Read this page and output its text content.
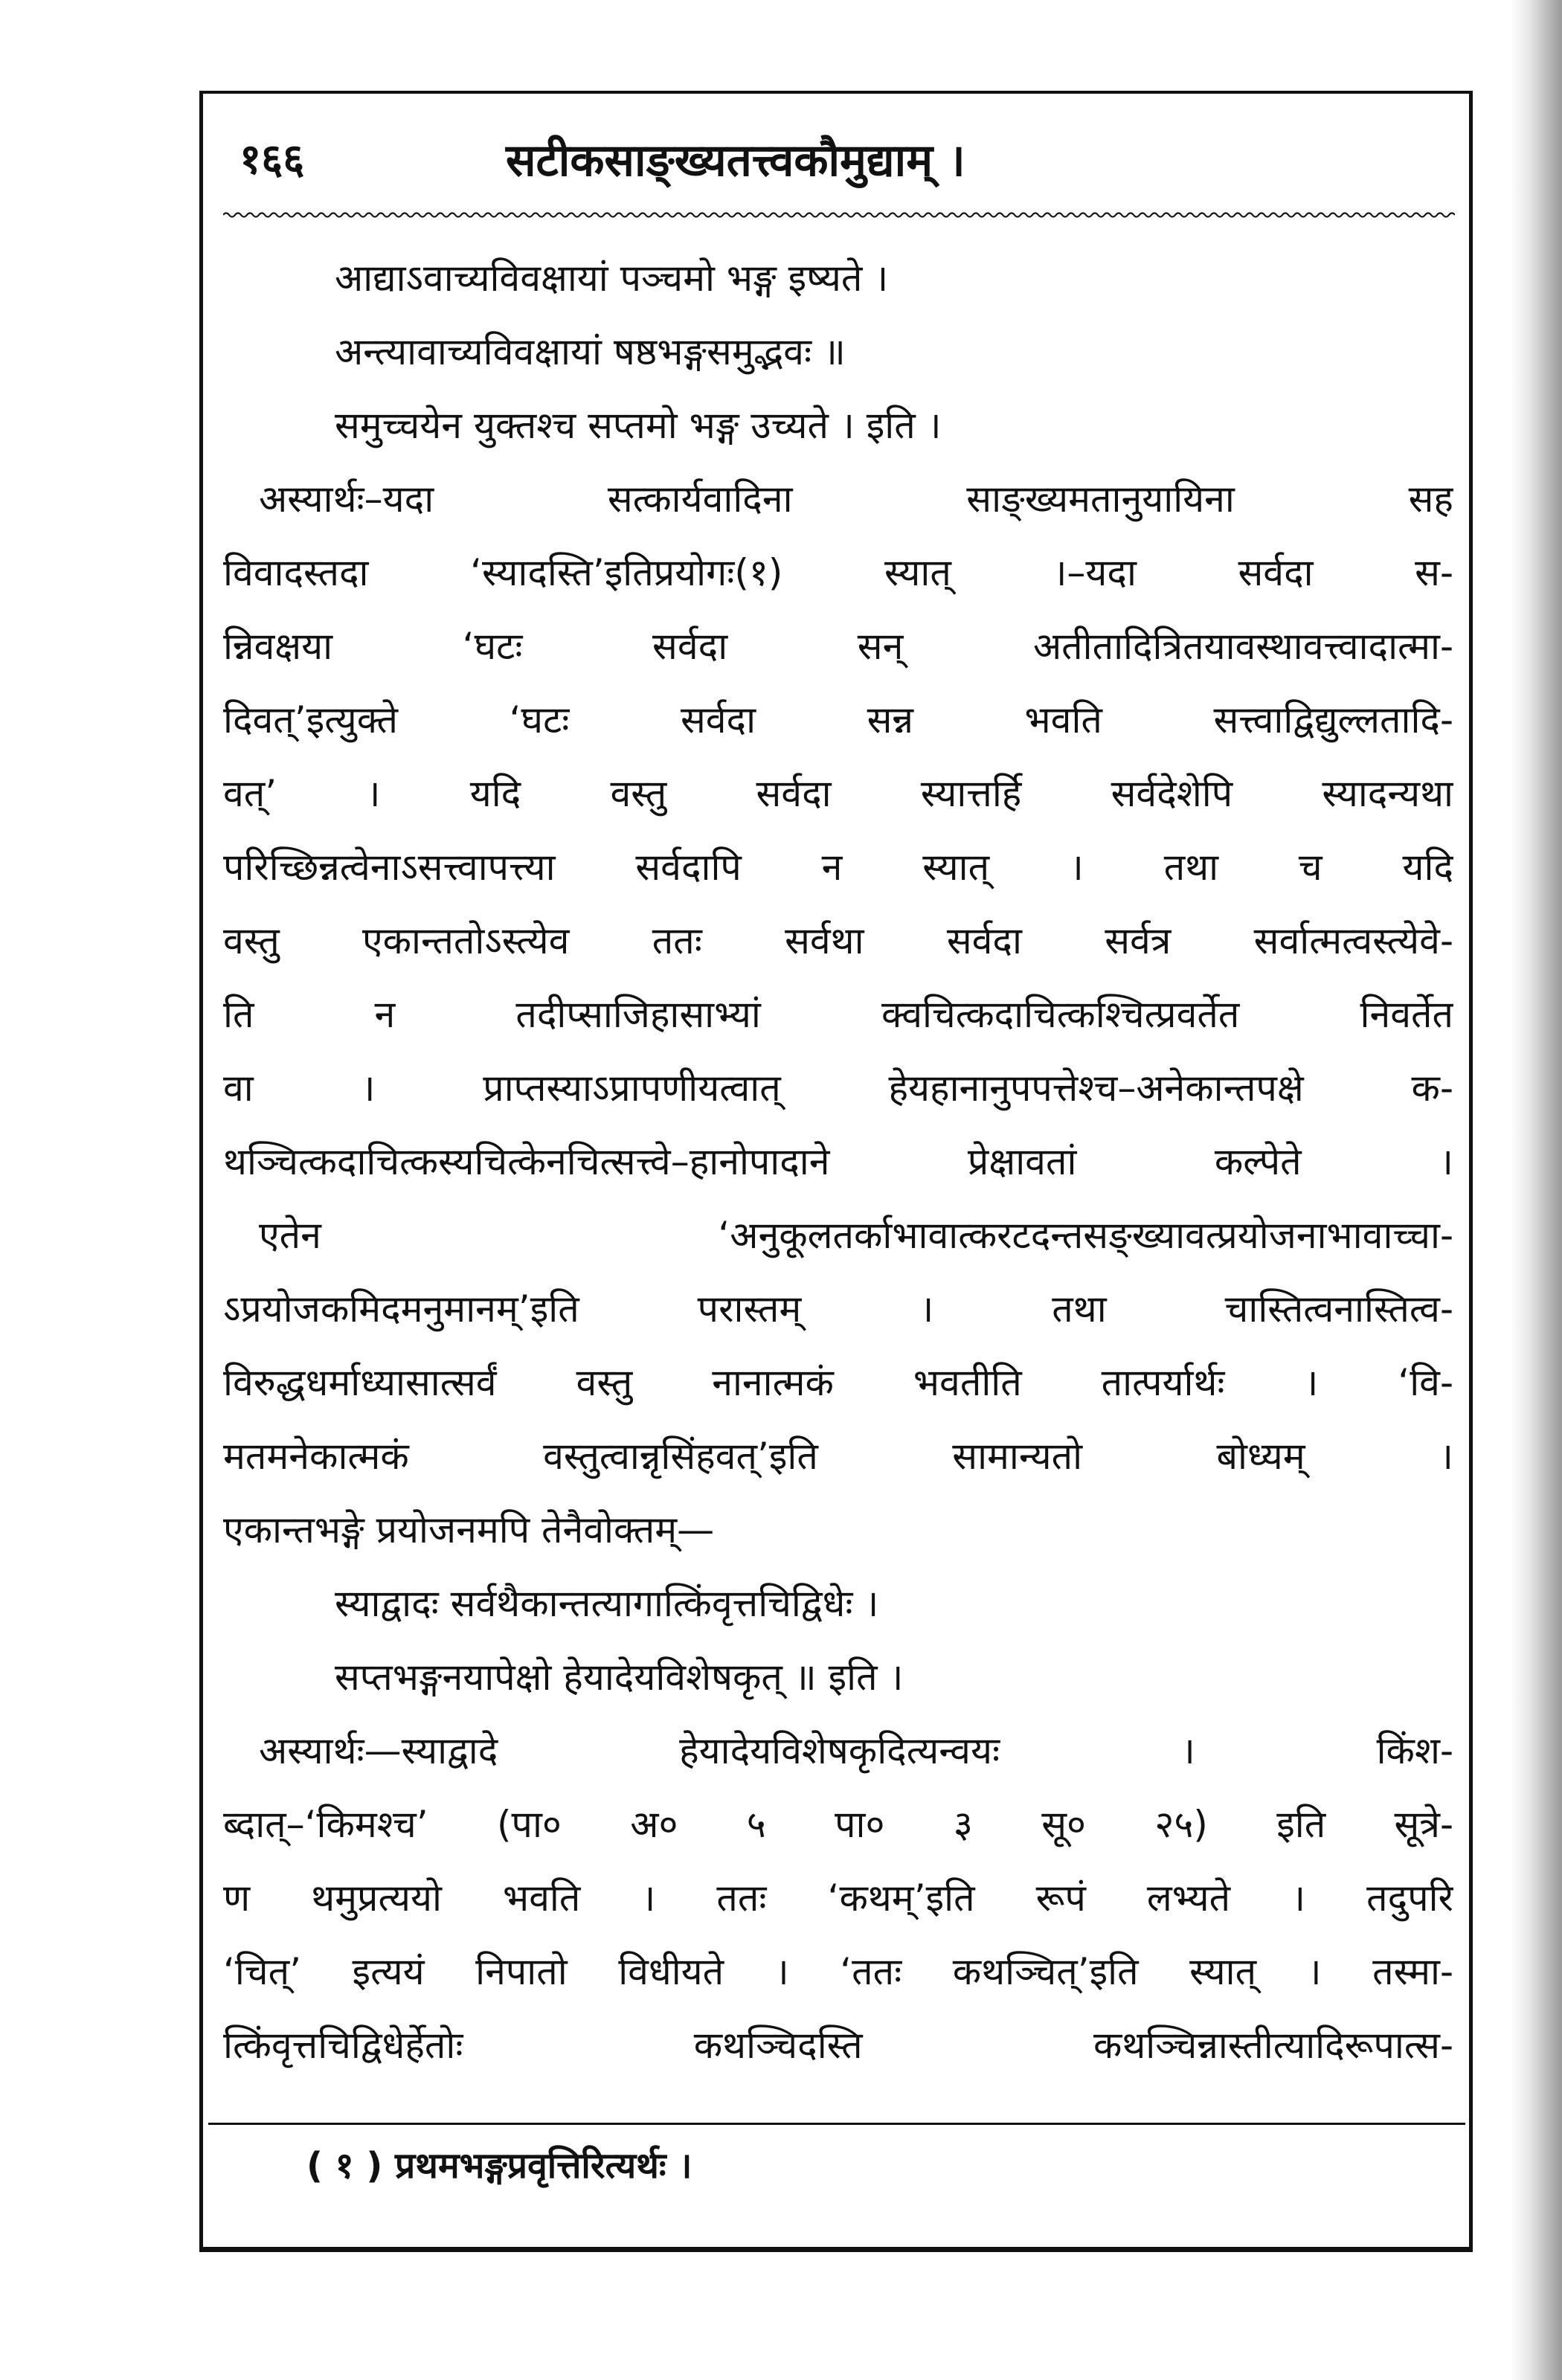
१६६	सटीकसाङ्ख्यतत्त्वकौमुद्याम् ।
आद्याऽवाच्यविवक्षायां पञ्चमो भङ्ग इष्यते ।
अन्त्यावाच्यविवक्षायां षष्ठभङ्गसमुद्भवः ॥
समुच्चयेन युक्तश्च सप्तमो भङ्ग उच्यते । इति ।
अस्यार्थः–यदा सत्कार्यवादिना साङ्ख्यमतानुयायिना सह
विवादस्तदा ‘स्यादस्ति’इतिप्रयोगः(१) स्यात् ।–यदा सर्वदा स-
न्निवक्षया ‘घटः सर्वदा सन् अतीतादित्रितयावस्थावत्त्वादात्मा-
दिवत्’इत्युक्ते ‘घटः सर्वदा सन्न भवति सत्त्वाद्विद्युल्लतादि-
वत्’ । यदि वस्तु सर्वदा स्यात्तर्हि सर्वदेशेपि स्यादन्यथा
परिच्छिन्नत्वेनाऽसत्त्वापत्त्या सर्वदापि न स्यात् । तथा च यदि
वस्तु एकान्ततोऽस्त्येव ततः सर्वथा सर्वदा सर्वत्र सर्वात्मत्वस्त्येवे-
ति न तदीप्साजिहासाभ्यां क्वचित्कदाचित्कश्चित्प्रवर्तेत निवर्तेत
वा । प्राप्तस्याऽप्रापणीयत्वात् हेयहानानुपपत्तेश्च–अनेकान्तपक्षे क-
थञ्चित्कदाचित्कस्यचित्केनचित्सत्त्वे–हानोपादाने प्रेक्षावतां कल्पेते ।
एतेन ‘अनुकूलतर्काभावात्करटदन्तसङ्ख्यावत्प्रयोजनाभावाच्चा-
ऽप्रयोजकमिदमनुमानम्’इति परास्तम् । तथा चास्तित्वनास्तित्व-
विरुद्धधर्माध्यासात्सर्वं वस्तु नानात्मकं भवतीति तात्पर्यार्थः । ‘वि-
मतमनेकात्मकं वस्तुत्वान्नृसिंहवत्’इति सामान्यतो बोध्यम् ।
एकान्तभङ्गे प्रयोजनमपि तेनैवोक्तम्—
स्याद्वादः सर्वथैकान्तत्यागात्किंवृत्तचिद्विधेः ।
सप्तभङ्गनयापेक्षो हेयादेयविशेषकृत् ॥ इति ।
अस्यार्थः—स्याद्वादे हेयादेयविशेषकृदित्यन्वयः । किंश-
ब्दात्–‘किमश्च’ (पा० अ० ५ पा० ३ सू० २५) इति सूत्रे-
ण थमुप्रत्ययो भवति । ततः ‘कथम्’इति रूपं लभ्यते । तदुपरि
‘चित्’ इत्ययं निपातो विधीयते । ‘ततः कथञ्चित्’इति स्यात् । तस्मा-
त्किंवृत्तचिद्विधेर्हेतोः कथञ्चिदस्ति कथञ्चिन्नास्तीत्यादिरूपात्स-
( १ ) प्रथमभङ्गप्रवृत्तिरित्यर्थः ।
